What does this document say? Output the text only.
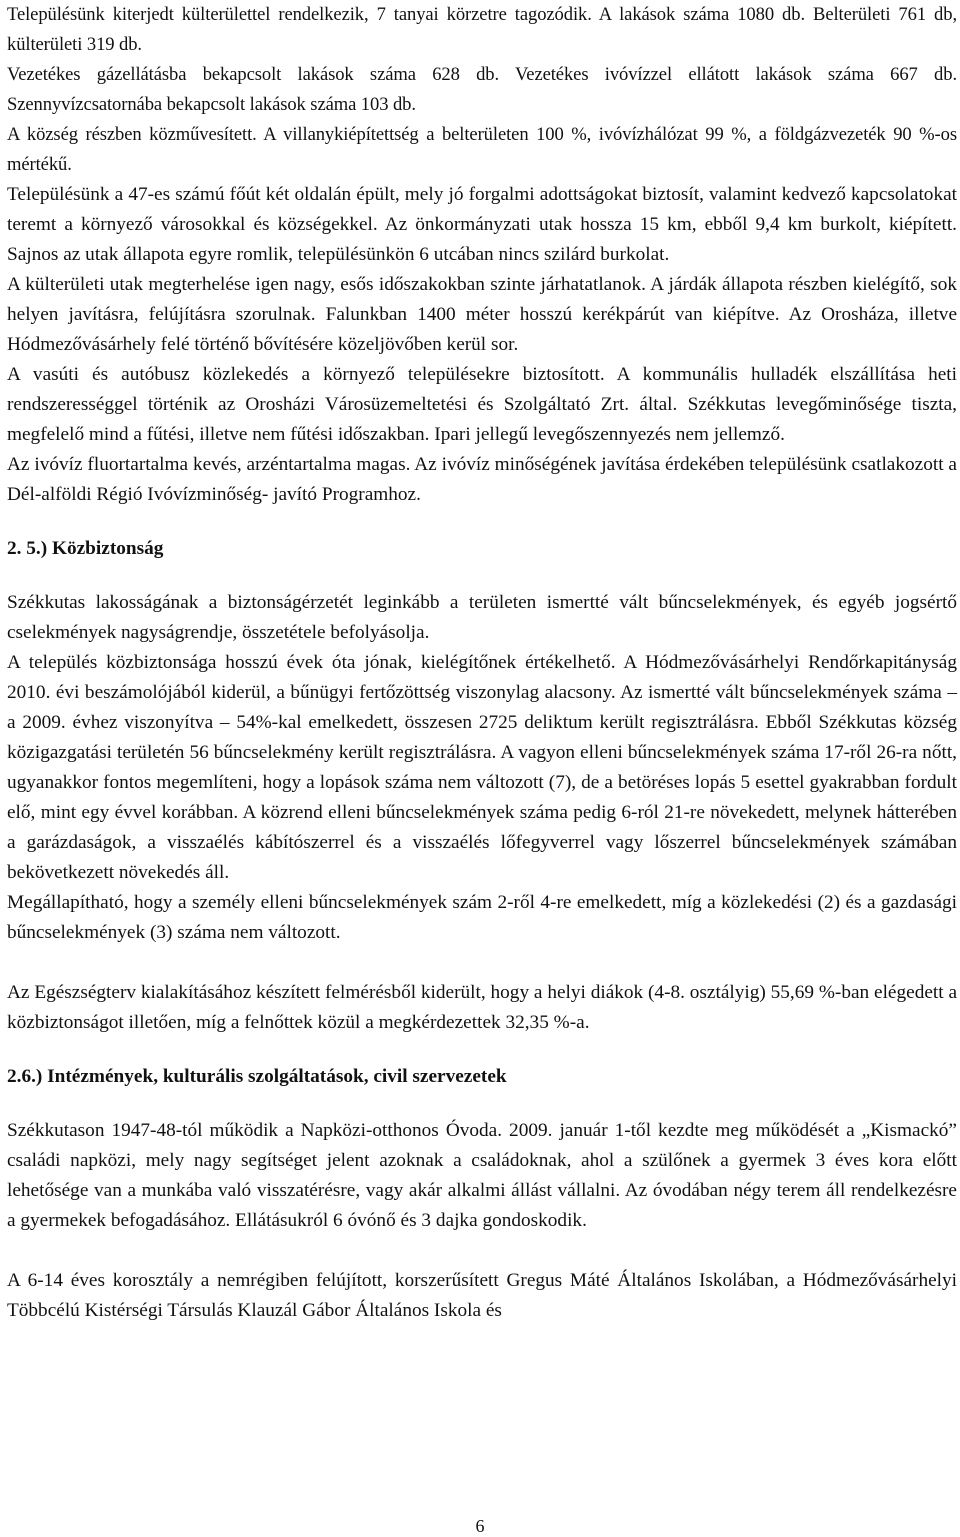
Településünk kiterjedt külterülettel rendelkezik, 7 tanyai körzetre tagozódik. A lakások száma 1080 db. Belterületi 761 db, külterületi 319 db.

Vezetékes gázellátásba bekapcsolt lakások száma 628 db. Vezetékes ivóvízzel ellátott lakások száma 667 db. Szennyvízcsatornába bekapcsolt lakások száma 103 db.

A község részben közművesített. A villanykiépítettség a belterületen 100 %, ivóvízhálózat 99 %, a földgázvezeték 90 %-os mértékű.

Településünk a 47-es számú főút két oldalán épült, mely jó forgalmi adottságokat biztosít, valamint kedvező kapcsolatokat teremt a környező városokkal és községekkel. Az önkormányzati utak hossza 15 km, ebből 9,4 km burkolt, kiépített. Sajnos az utak állapota egyre romlik, településünkön 6 utcában nincs szilárd burkolat.

A külterületi utak megterhelése igen nagy, esős időszakokban szinte járhatatlanok. A járdák állapota részben kielégítő, sok helyen javításra, felújításra szorulnak. Falunkban 1400 méter hosszú kerékpárút van kiépítve. Az Orosháza, illetve Hódmezővásárhely felé történő bővítésére közeljövőben kerül sor.

A vasúti és autóbusz közlekedés a környező településekre biztosított. A kommunális hulladék elszállítása heti rendszerességgel történik az Orosházi Városüzemeltetési és Szolgáltató Zrt. által. Székkutas levegőminősége tiszta, megfelelő mind a fűtési, illetve nem fűtési időszakban. Ipari jellegű levegőszennyezés nem jellemző.

Az ivóvíz fluortartalma kevés, arzéntartalma magas. Az ivóvíz minőségének javítása érdekében településünk csatlakozott a Dél-alföldi Régió Ivóvízminőség- javító Programhoz.

2. 5.) Közbiztonság

Székkutas lakosságának a biztonságérzetét leginkább a területen ismertté vált bűncselekmények, és egyéb jogsértő cselekmények nagyságrendje, összetétele befolyásolja.

A település közbiztonsága hosszú évek óta jónak, kielégítőnek értékelhető. A Hódmezővásárhelyi Rendőrkapitányság 2010. évi beszámolójából kiderül, a bűnügyi fertőzöttség viszonylag alacsony. Az ismertté vált bűncselekmények száma – a 2009. évhez viszonyítva – 54%-kal emelkedett, összesen 2725 deliktum került regisztrálásra. Ebből Székkutas község közigazgatási területén 56 bűncselekmény került regisztrálásra. A vagyon elleni bűncselekmények száma 17-ről 26-ra nőtt, ugyanakkor fontos megemlíteni, hogy a lopások száma nem változott (7), de a betöréses lopás 5 esettel gyakrabban fordult elő, mint egy évvel korábban. A közrend elleni bűncselekmények száma pedig 6-ról 21-re növekedett, melynek hátterében a garázdaságok, a visszaélés kábítószerrel és a visszaélés lőfegyverrel vagy lőszerrel bűncselekmények számában bekövetkezett növekedés áll.

Megállapítható, hogy a személy elleni bűncselekmények szám 2-ről 4-re emelkedett, míg a közlekedési (2) és a gazdasági bűncselekmények (3) száma nem változott.

Az Egészségterv kialakításához készített felmérésből kiderült, hogy a helyi diákok (4-8. osztályig) 55,69 %-ban elégedett a közbiztonságot illetően, míg a felnőttek közül a megkérdezettek 32,35 %-a.

2.6.) Intézmények, kulturális szolgáltatások, civil szervezetek

Székkutason 1947-48-tól működik a Napközi-otthonos Óvoda. 2009. január 1-től kezdte meg működését a „Kismackó” családi napközi, mely nagy segítséget jelent azoknak a családoknak, ahol a szülőnek a gyermek 3 éves kora előtt lehetősége van a munkába való visszatérésre, vagy akár alkalmi állást vállalni. Az óvodában négy terem áll rendelkezésre a gyermekek befogadásához. Ellátásukról 6 óvónő és 3 dajka gondoskodik.

A 6-14 éves korosztály a nemrégiben felújított, korszerűsített Gregus Máté Általános Iskolában, a Hódmezővásárhelyi Többcélú Kistérségi Társulás Klauzál Gábor Általános Iskola és

6
